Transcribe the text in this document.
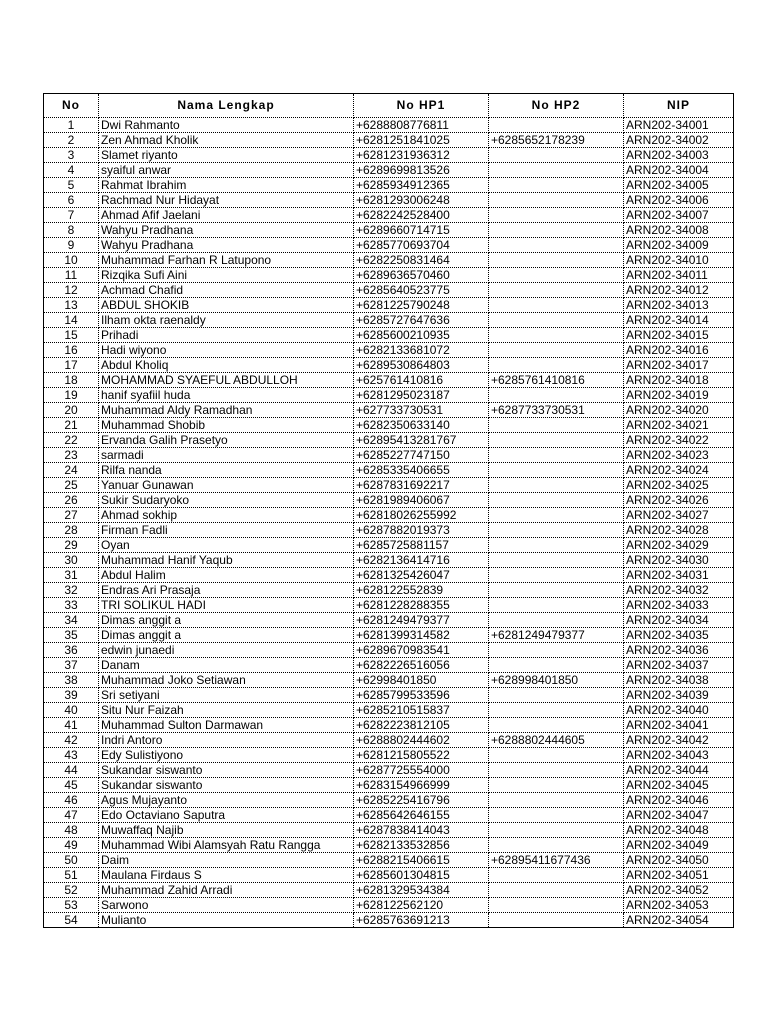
No	Nama Lengkap	No HP1	No HP2	NIP
1	Dwi Rahmanto	+6288808776811		ARN202-34001
2	Zen Ahmad Kholik	+6281251841025	+6285652178239	ARN202-34002
3	Slamet riyanto	+6281231936312		ARN202-34003
4	syaiful anwar	+6289699813526		ARN202-34004
5	Rahmat Ibrahim	+6285934912365		ARN202-34005
6	Rachmad Nur Hidayat	+6281293006248		ARN202-34006
7	Ahmad Afif Jaelani	+6282242528400		ARN202-34007
8	Wahyu Pradhana	+6289660714715		ARN202-34008
9	Wahyu Pradhana	+6285770693704		ARN202-34009
10	Muhammad Farhan R Latupono	+6282250831464		ARN202-34010
11	Rizqika Sufi Aini	+6289636570460		ARN202-34011
12	Achmad Chafid	+6285640523775		ARN202-34012
13	ABDUL SHOKIB	+6281225790248		ARN202-34013
14	Ilham okta raenaldy	+6285727647636		ARN202-34014
15	Prihadi	+6285600210935		ARN202-34015
16	Hadi wiyono	+6282133681072		ARN202-34016
17	Abdul Kholiq	+6289530864803		ARN202-34017
18	MOHAMMAD SYAEFUL ABDULLOH	+625761410816	+6285761410816	ARN202-34018
19	hanif syafiil huda	+6281295023187		ARN202-34019
20	Muhammad Aldy Ramadhan	+627733730531	+6287733730531	ARN202-34020
21	Muhammad Shobib	+6282350633140		ARN202-34021
22	Ervanda Galih Prasetyo	+62895413281767		ARN202-34022
23	sarmadi	+6285227747150		ARN202-34023
24	Rilfa nanda	+6285335406655		ARN202-34024
25	Yanuar Gunawan	+6287831692217		ARN202-34025
26	Sukir Sudaryoko	+6281989406067		ARN202-34026
27	Ahmad sokhip	+62818026255992		ARN202-34027
28	Firman Fadli	+6287882019373		ARN202-34028
29	Oyan	+6285725881157		ARN202-34029
30	Muhammad Hanif Yaqub	+6282136414716		ARN202-34030
31	Abdul Halim	+6281325426047		ARN202-34031
32	Endras Ari Prasaja	+628122552839		ARN202-34032
33	TRI SOLIKUL HADI	+6281228288355		ARN202-34033
34	Dimas anggit a	+6281249479377		ARN202-34034
35	Dimas anggit a	+6281399314582	+6281249479377	ARN202-34035
36	edwin junaedi	+6289670983541		ARN202-34036
37	Danam	+6282226516056		ARN202-34037
38	Muhammad Joko Setiawan	+62998401850	+628998401850	ARN202-34038
39	Sri setiyani	+6285799533596		ARN202-34039
40	Situ Nur Faizah	+6285210515837		ARN202-34040
41	Muhammad Sulton Darmawan	+6282223812105		ARN202-34041
42	Indri Antoro	+6288802444602	+6288802444605	ARN202-34042
43	Edy Sulistiyono	+6281215805522		ARN202-34043
44	Sukandar siswanto	+6287725554000		ARN202-34044
45	Sukandar siswanto	+6283154966999		ARN202-34045
46	Agus Mujayanto	+6285225416796		ARN202-34046
47	Edo Octaviano Saputra	+6285642646155		ARN202-34047
48	Muwaffaq Najib	+6287838414043		ARN202-34048
49	Muhammad Wibi Alamsyah Ratu Rangga	+6282133532856		ARN202-34049
50	Daim	+6288215406615	+62895411677436	ARN202-34050
51	Maulana Firdaus S	+6285601304815		ARN202-34051
52	Muhammad Zahid Arradi	+6281329534384		ARN202-34052
53	Sarwono	+628122562120		ARN202-34053
54	Mulianto	+6285763691213		ARN202-34054
